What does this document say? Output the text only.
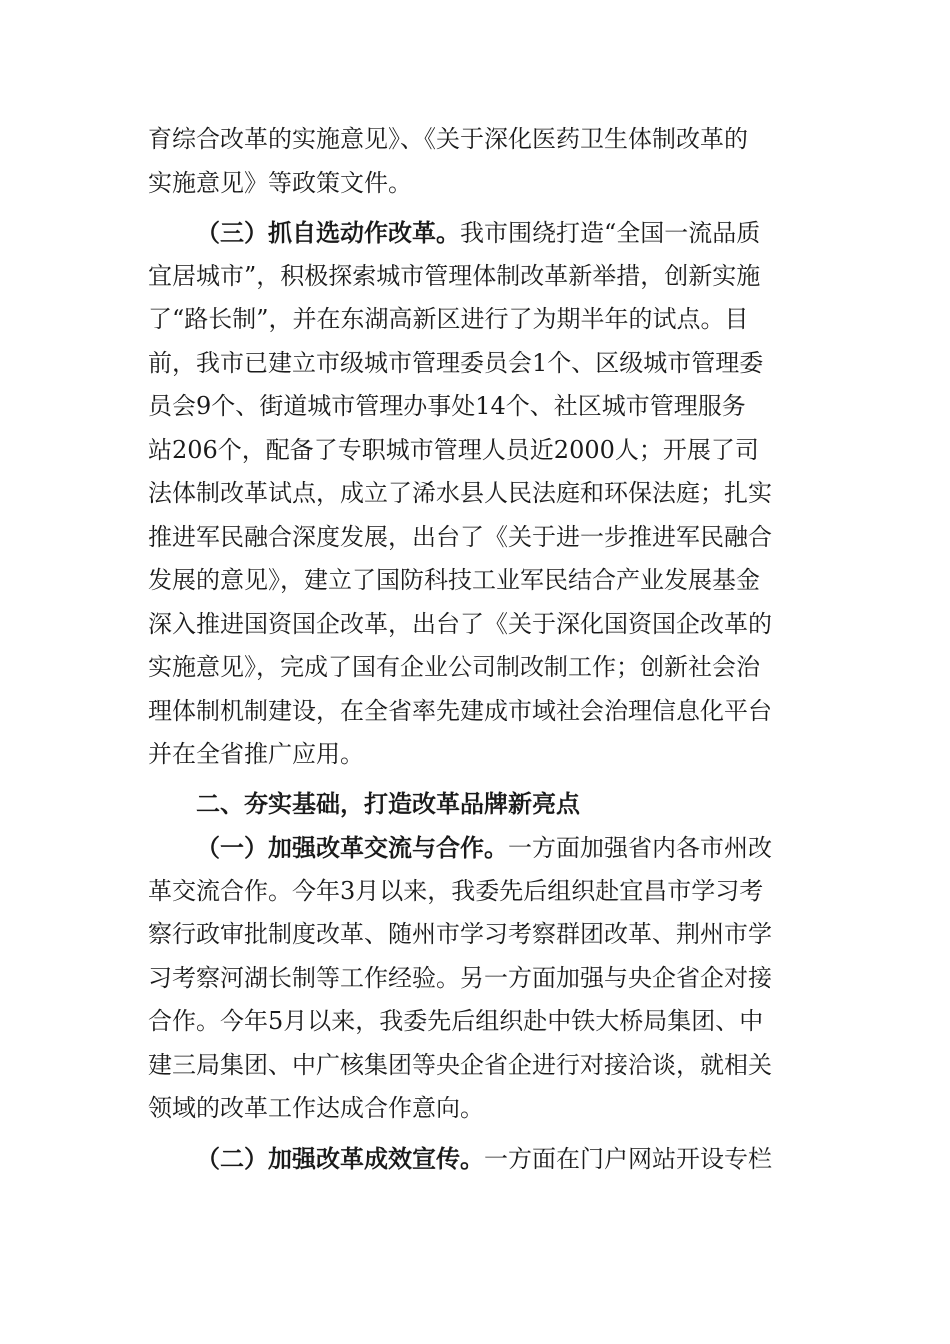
育综合改革的实施意见》、《关于深化医药卫生体制改革的
实施意见》等政策文件。
（三）抓自选动作改革。我市围绕打造“全国一流品质
宜居城市”，积极探索城市管理体制改革新举措，创新实施
了“路长制”，并在东湖高新区进行了为期半年的试点。目
前，我市已建立市级城市管理委员会1个、区级城市管理委
员会9个、街道城市管理办事处14个、社区城市管理服务
站206个，配备了专职城市管理人员近2000人；开展了司
法体制改革试点，成立了浠水县人民法庭和环保法庭；扎实
推进军民融合深度发展，出台了《关于进一步推进军民融合
发展的意见》，建立了国防科技工业军民结合产业发展基金
深入推进国资国企改革，出台了《关于深化国资国企改革的
实施意见》，完成了国有企业公司制改制工作；创新社会治
理体制机制建设，在全省率先建成市域社会治理信息化平台
并在全省推广应用。
二、夯实基础，打造改革品牌新亮点
（一）加强改革交流与合作。一方面加强省内各市州改
革交流合作。今年3月以来，我委先后组织赴宜昌市学习考
察行政审批制度改革、随州市学习考察群团改革、荆州市学
习考察河湖长制等工作经验。另一方面加强与央企省企对接
合作。今年5月以来，我委先后组织赴中铁大桥局集团、中
建三局集团、中广核集团等央企省企进行对接洽谈，就相关
领域的改革工作达成合作意向。
（二）加强改革成效宣传。一方面在门户网站开设专栏
